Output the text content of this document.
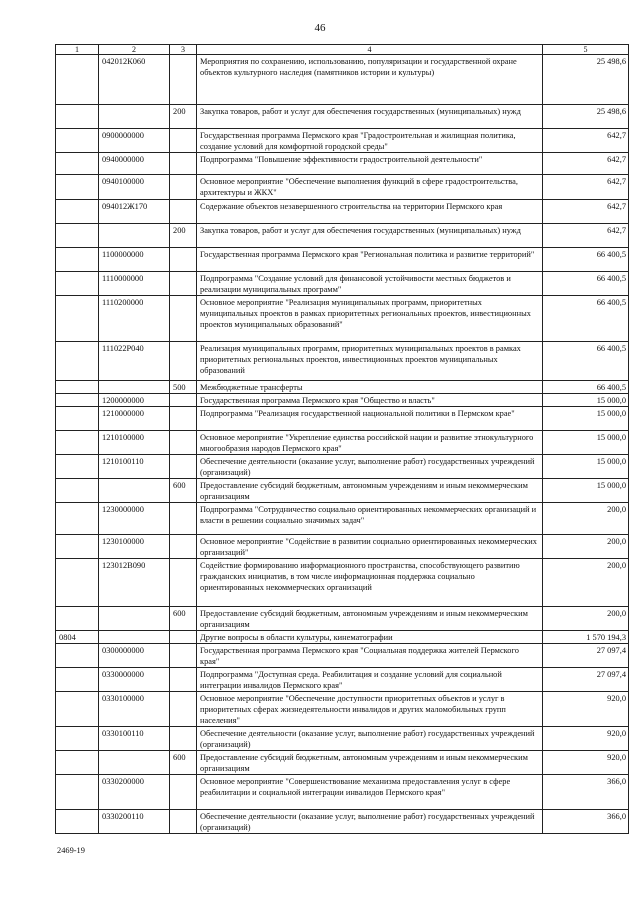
46
1	2	3	4	5
	042012К060		Мероприятия по сохранению, использованию, популяризации и государственной охране объектов культурного наследия (памятников истории и культуры)	25 498,6
		200	Закупка товаров, работ и услуг для обеспечения государственных (муниципальных) нужд	25 498,6
	0900000000		Государственная программа Пермского края "Градостроительная и жилищная политика, создание условий для комфортной городской среды"	642,7
	0940000000		Подпрограмма "Повышение эффективности градостроительной деятельности"	642,7
	0940100000		Основное мероприятие "Обеспечение выполнения функций в сфере градостроительства, архитектуры и ЖКХ"	642,7
	094012Ж170		Содержание объектов незавершенного строительства на территории Пермского края	642,7
		200	Закупка товаров, работ и услуг для обеспечения государственных (муниципальных) нужд	642,7
	1100000000		Государственная программа Пермского края "Региональная политика и развитие территорий"	66 400,5
	1110000000		Подпрограмма "Создание условий для финансовой устойчивости местных бюджетов и реализации муниципальных программ"	66 400,5
	1110200000		Основное мероприятие "Реализация муниципальных программ, приоритетных муниципальных проектов в рамках приоритетных региональных проектов, инвестиционных проектов муниципальных образований"	66 400,5
	111022Р040		Реализация муниципальных программ, приоритетных муниципальных проектов в рамках приоритетных региональных проектов, инвестиционных проектов муниципальных образований	66 400,5
		500	Межбюджетные трансферты	66 400,5
	1200000000		Государственная программа Пермского края "Общество и власть"	15 000,0
	1210000000		Подпрограмма "Реализация государственной национальной политики в Пермском крае"	15 000,0
	1210100000		Основное мероприятие "Укрепление единства российской нации и развитие этнокультурного многообразия народов Пермского края"	15 000,0
	1210100110		Обеспечение деятельности (оказание услуг, выполнение работ) государственных учреждений (организаций)	15 000,0
		600	Предоставление субсидий бюджетным, автономным учреждениям и иным некоммерческим организациям	15 000,0
	1230000000		Подпрограмма "Сотрудничество социально ориентированных некоммерческих организаций и власти в решении социально значимых задач"	200,0
	1230100000		Основное мероприятие "Содействие в развитии социально ориентированных некоммерческих организаций"	200,0
	123012В090		Содействие формированию информационного пространства, способствующего развитию гражданских инициатив, в том числе информационная поддержка социально ориентированных некоммерческих организаций	200,0
		600	Предоставление субсидий бюджетным, автономным учреждениям и иным некоммерческим организациям	200,0
0804			Другие вопросы в области культуры, кинематографии	1 570 194,3
	0300000000		Государственная программа Пермского края "Социальная поддержка жителей Пермского края"	27 097,4
	0330000000		Подпрограмма "Доступная среда. Реабилитация и создание условий для социальной интеграции инвалидов Пермского края"	27 097,4
	0330100000		Основное мероприятие "Обеспечение доступности приоритетных объектов и услуг в приоритетных сферах жизнедеятельности инвалидов и других маломобильных групп населения"	920,0
	0330100110		Обеспечение деятельности (оказание услуг, выполнение работ) государственных учреждений (организаций)	920,0
		600	Предоставление субсидий бюджетным, автономным учреждениям и иным некоммерческим организациям	920,0
	0330200000		Основное мероприятие "Совершенствование механизма предоставления услуг в сфере реабилитации и социальной интеграции инвалидов Пермского края"	366,0
	0330200110		Обеспечение деятельности (оказание услуг, выполнение работ) государственных учреждений (организаций)	366,0
2469-19
